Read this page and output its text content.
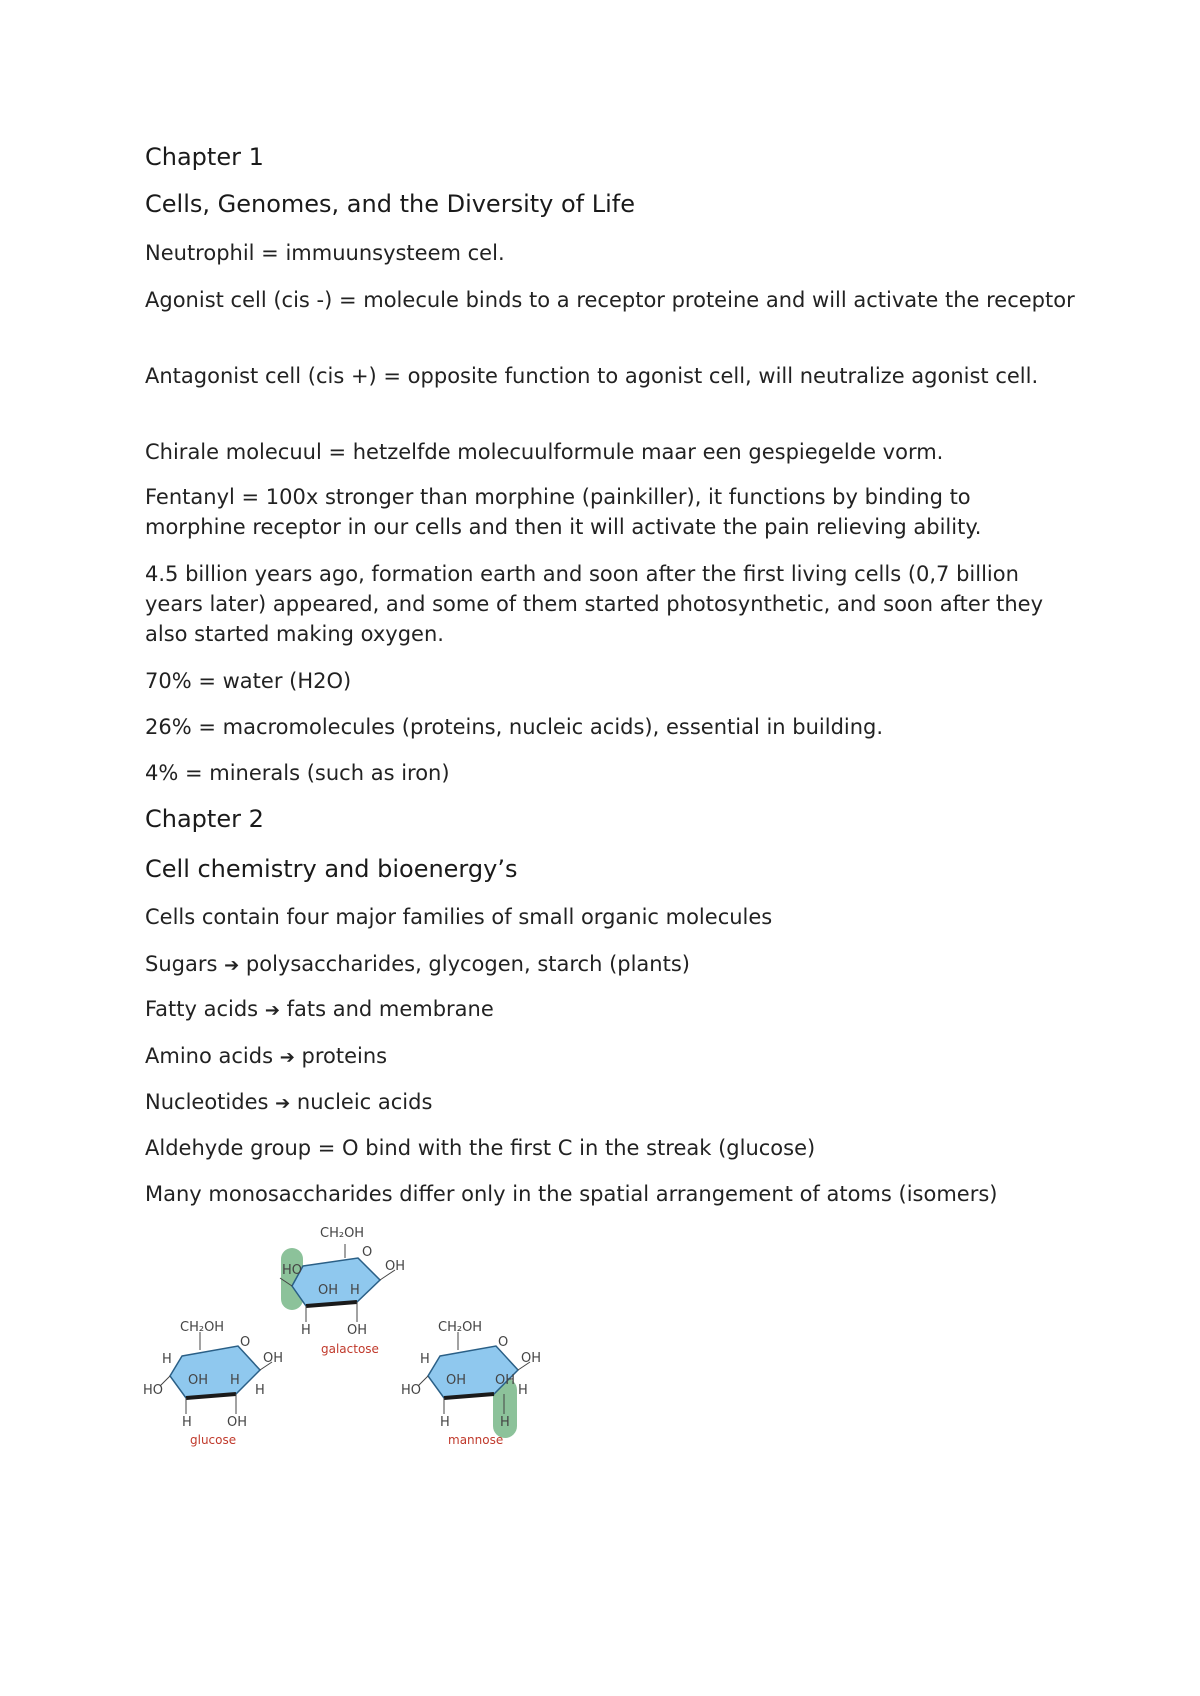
Chapter 1
Cells, Genomes, and the Diversity of Life
Neutrophil = immuunsysteem cel.
Agonist cell (cis -) = molecule binds to a receptor proteine and will activate the receptor
Antagonist cell (cis +) = opposite function to agonist cell, will neutralize agonist cell.
Chirale molecuul = hetzelfde molecuulformule maar een gespiegelde vorm.
Fentanyl = 100x stronger than morphine (painkiller), it functions by binding to morphine receptor in our cells and then it will activate the pain relieving ability.
4.5 billion years ago, formation earth and soon after the first living cells (0,7 billion years later) appeared, and some of them started photosynthetic, and soon after they also started making oxygen.
70% = water (H2O)
26% = macromolecules (proteins, nucleic acids), essential in building.
4% = minerals (such as iron)
Chapter 2
Cell chemistry and bioenergy’s
Cells contain four major families of small organic molecules
Sugars ➔ polysaccharides, glycogen, starch (plants)
Fatty acids ➔ fats and membrane
Amino acids ➔ proteins
Nucleotides ➔ nucleic acids
Aldehyde group = O bind with the first C in the streak (glucose)
Many monosaccharides differ only in the spatial arrangement of atoms (isomers)
CH₂OH
O
OH
HO
OH H
H	OH
galactose
CH₂OH
O
OH
H
HO
OH H
H
H	OH
glucose
CH₂OH
O
OH
H
HO
OH OH
H
H	H
mannose
